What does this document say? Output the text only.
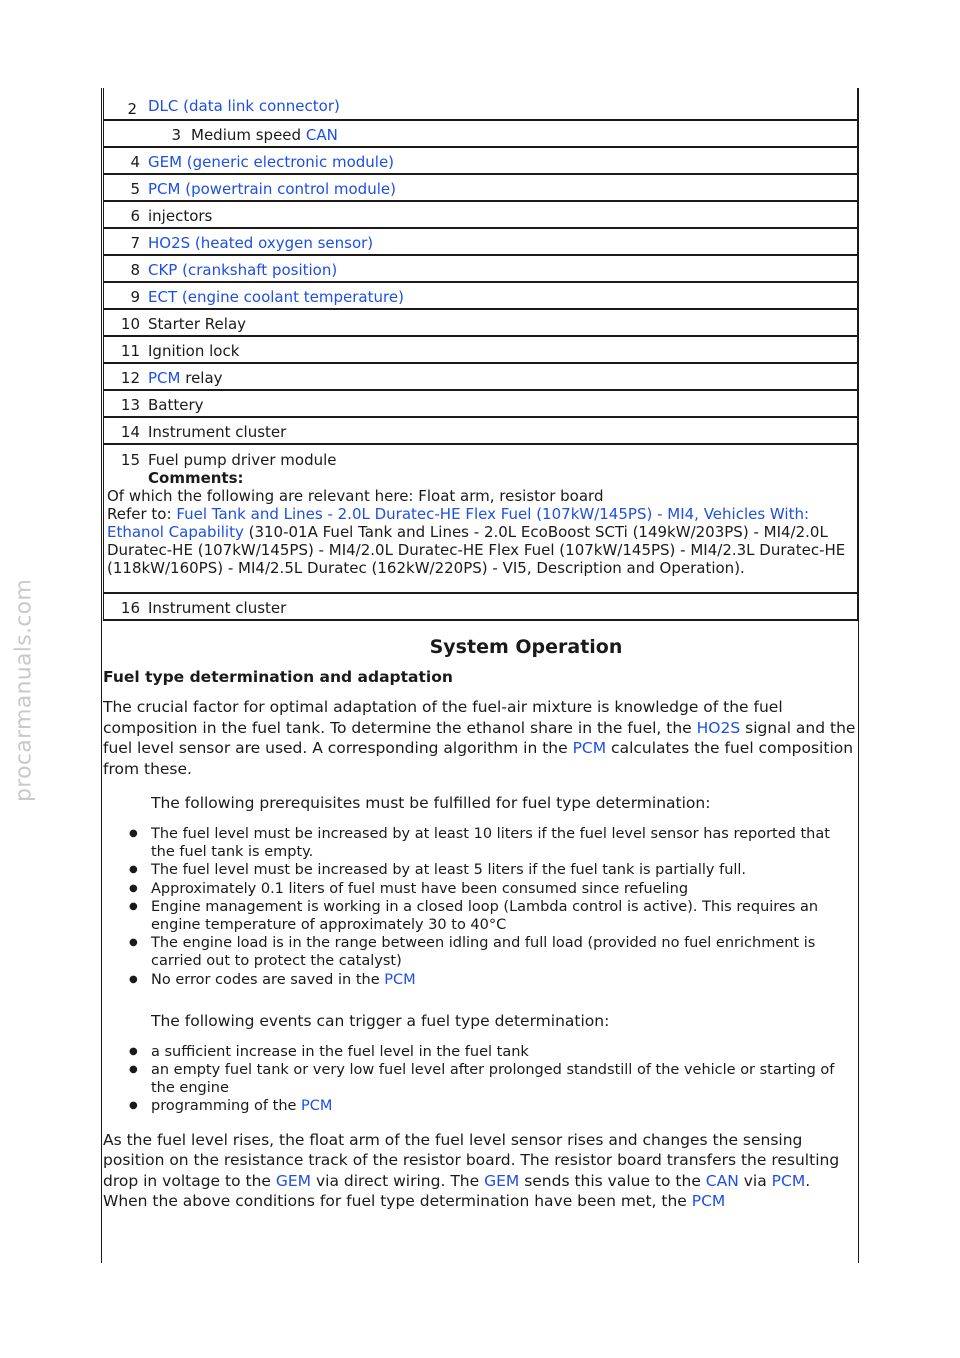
procarmanuals.com
2 DLC (data link connector)
3 Medium speed CAN
4 GEM (generic electronic module)
5 PCM (powertrain control module)
6 injectors
7 HO2S (heated oxygen sensor)
8 CKP (crankshaft position)
9 ECT (engine coolant temperature)
10 Starter Relay
11 Ignition lock
12 PCM relay
13 Battery
14 Instrument cluster
15 Fuel pump driver module
Comments:
Of which the following are relevant here: Float arm, resistor board
Refer to: Fuel Tank and Lines - 2.0L Duratec-HE Flex Fuel (107kW/145PS) - MI4, Vehicles With: Ethanol Capability (310-01A Fuel Tank and Lines - 2.0L EcoBoost SCTi (149kW/203PS) - MI4/2.0L Duratec-HE (107kW/145PS) - MI4/2.0L Duratec-HE Flex Fuel (107kW/145PS) - MI4/2.3L Duratec-HE (118kW/160PS) - MI4/2.5L Duratec (162kW/220PS) - VI5, Description and Operation).
16 Instrument cluster
System Operation
Fuel type determination and adaptation
The crucial factor for optimal adaptation of the fuel-air mixture is knowledge of the fuel composition in the fuel tank. To determine the ethanol share in the fuel, the HO2S signal and the fuel level sensor are used. A corresponding algorithm in the PCM calculates the fuel composition from these.
The following prerequisites must be fulfilled for fuel type determination:
● The fuel level must be increased by at least 10 liters if the fuel level sensor has reported that the fuel tank is empty.
● The fuel level must be increased by at least 5 liters if the fuel tank is partially full.
● Approximately 0.1 liters of fuel must have been consumed since refueling
● Engine management is working in a closed loop (Lambda control is active). This requires an engine temperature of approximately 30 to 40°C
● The engine load is in the range between idling and full load (provided no fuel enrichment is carried out to protect the catalyst)
● No error codes are saved in the PCM
The following events can trigger a fuel type determination:
● a sufficient increase in the fuel level in the fuel tank
● an empty fuel tank or very low fuel level after prolonged standstill of the vehicle or starting of the engine
● programming of the PCM
As the fuel level rises, the float arm of the fuel level sensor rises and changes the sensing position on the resistance track of the resistor board. The resistor board transfers the resulting drop in voltage to the GEM via direct wiring. The GEM sends this value to the CAN via PCM. When the above conditions for fuel type determination have been met, the PCM
